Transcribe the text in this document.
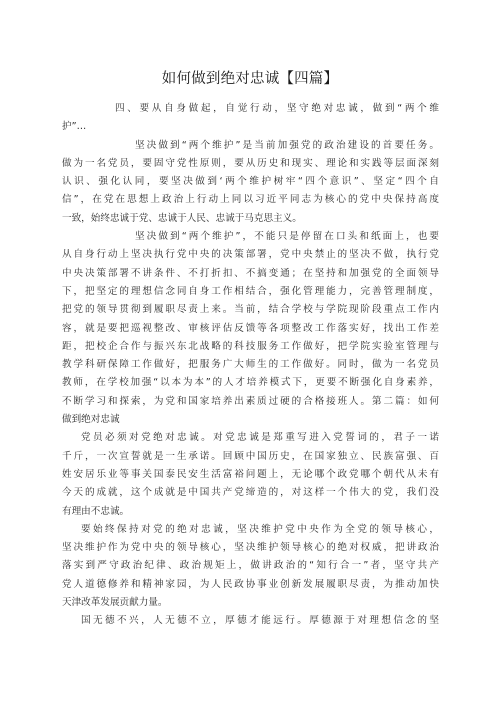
如何做到绝对忠诚【四篇】
四、要从自身做起，自觉行动，坚守绝对忠诚，做到“两个维
护”…
坚决做到“两个维护”是当前加强党的政治建设的首要任务。
做为一名党员，要固守党性原则，要从历史和现实、理论和实践等层面深刻
认识、强化认同，要坚决做到‘两个维护树牢“四个意识”、坚定“四个自
信”，在党在思想上政治上行动上同以习近平同志为核心的党中央保持高度
一致，始终忠诚于党、忠诚于人民、忠诚于马克思主义。
坚决做到“两个维护”，不能只是停留在口头和纸面上，也要
从自身行动上坚决执行党中央的决策部署，党中央禁止的坚决不做，执行党
中央决策部署不讲条件、不打折扣、不搞变通；在坚持和加强党的全面领导
下，把坚定的理想信念同自身工作相结合，强化管理能力，完善管理制度，
把党的领导贯彻到履职尽责上来。当前，结合学校与学院现阶段重点工作内
容，就是要把巡视整改、审核评估反馈等各项整改工作落实好，找出工作差
距，把校企合作与振兴东北战略的科技服务工作做好，把学院实验室管理与
教学科研保障工作做好，把服务广大师生的工作做好。同时，做为一名党员
教师，在学校加强“以本为本”的人才培养模式下，更要不断强化自身素养，
不断学习和探索，为党和国家培养出素质过硬的合格接班人。第二篇：如何
做到绝对忠诚
党员必须对党绝对忠诚。对党忠诚是郑重写进入党誓词的，君子一诺
千斤，一次宣誓就是一生承诺。回顾中国历史，在国家独立、民族富强、百
姓安居乐业等事关国泰民安生活富裕问题上，无论哪个政党哪个朝代从未有
今天的成就，这个成就是中国共产党缔造的，对这样一个伟大的党，我们没
有理由不忠诚。
要始终保持对党的绝对忠诚，坚决维护党中央作为全党的领导核心，
坚决维护作为党中央的领导核心，坚决维护领导核心的绝对权威，把讲政治
落实到严守政治纪律、政治规矩上，做讲政治的“知行合一”者，坚守共产
党人道德修养和精神家园，为人民政协事业创新发展履职尽责，为推动加快
天津改革发展贡献力量。
国无德不兴，人无德不立，厚德才能远行。厚德源于对理想信念的坚
